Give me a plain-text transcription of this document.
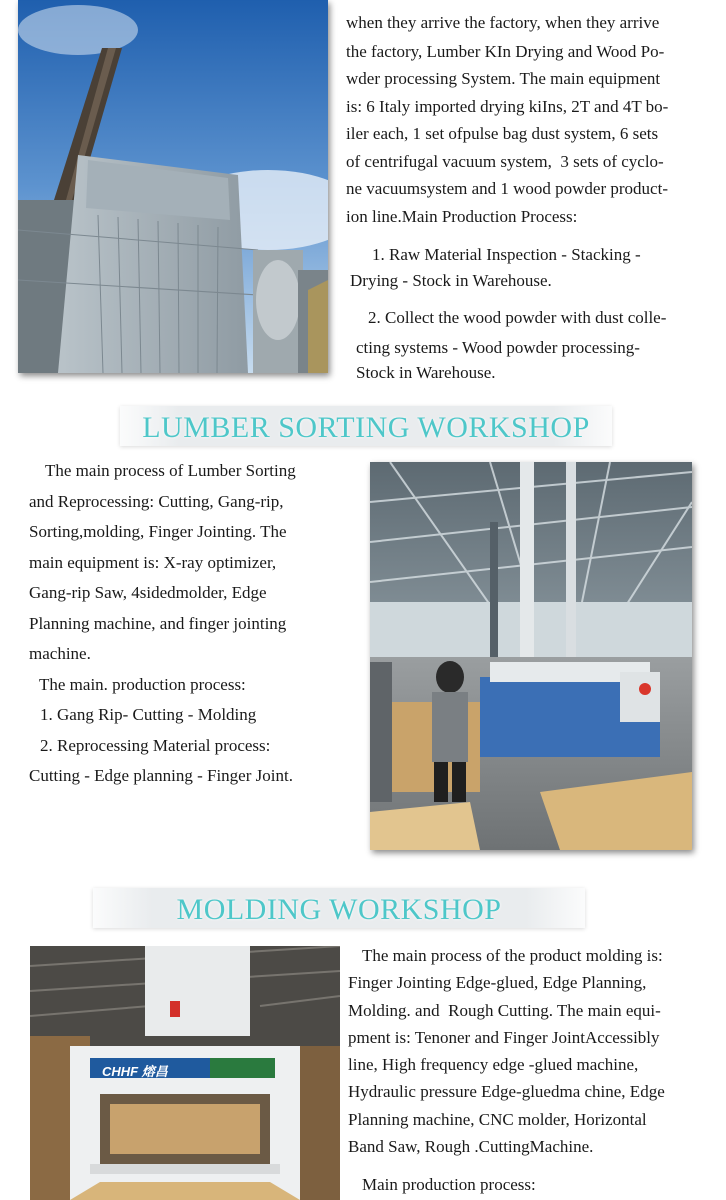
when they arrive the factory, when they arrive
the factory, Lumber KIn Drying and Wood Po-
wder processing System. The main equipment
is: 6 Italy imported drying kiIns, 2T and 4T bo-
iler each, 1 set ofpulse bag dust system, 6 sets
of centrifugal vacuum system,  3 sets of cyclo-
ne vacuumsystem and 1 wood powder product-
ion line.Main Production Process:
1. Raw Material Inspection - Stacking -
Drying - Stock in Warehouse.
2. Collect the wood powder with dust colle-
cting systems - Wood powder processing-
Stock in Warehouse.
LUMBER SORTING WORKSHOP
The main process of Lumber Sorting
and Reprocessing: Cutting, Gang-rip,
Sorting,molding, Finger Jointing. The
main equipment is: X-ray optimizer,
Gang-rip Saw, 4sidedmolder, Edge
Planning machine, and finger jointing
machine.
The main. production process:
1. Gang Rip- Cutting - Molding
2. Reprocessing Material process:
Cutting - Edge planning - Finger Joint.
MOLDING WORKSHOP
CHHF 熔昌
The main process of the product molding is:
Finger Jointing Edge-glued, Edge Planning,
Molding. and  Rough Cutting. The main equi-
pment is: Tenoner and Finger JointAccessibly
line, High frequency edge -glued machine,
Hydraulic pressure Edge-gluedma chine, Edge
Planning machine, CNC molder, Horizontal
Band Saw, Rough .CuttingMachine.
Main production process:
